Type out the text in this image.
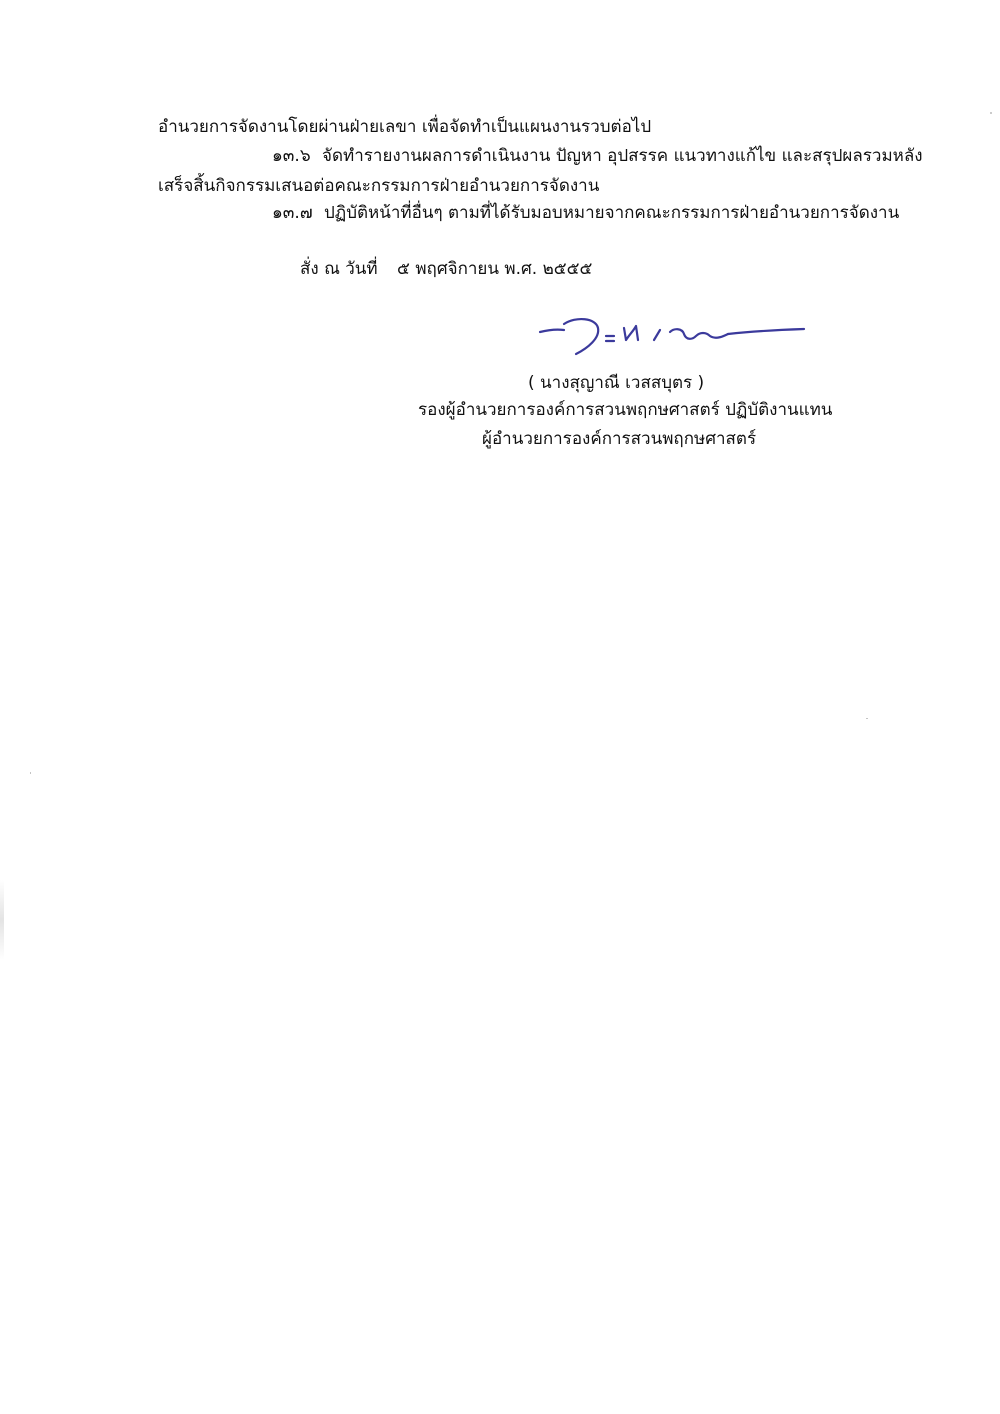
อำนวยการจัดงานโดยผ่านฝ่ายเลขา เพื่อจัดทำเป็นแผนงานรวบต่อไป
๑๓.๖ จัดทำรายงานผลการดำเนินงาน ปัญหา อุปสรรค แนวทางแก้ไข และสรุปผลรวมหลัง
เสร็จสิ้นกิจกรรมเสนอต่อคณะกรรมการฝ่ายอำนวยการจัดงาน
๑๓.๗ ปฏิบัติหน้าที่อื่นๆ ตามที่ได้รับมอบหมายจากคณะกรรมการฝ่ายอำนวยการจัดงาน
สั่ง ณ วันที่ ๕ พฤศจิกายน พ.ศ. ๒๕๕๕
( นางสุญาณี เวสสบุตร )
รองผู้อำนวยการองค์การสวนพฤกษศาสตร์ ปฏิบัติงานแทน
ผู้อำนวยการองค์การสวนพฤกษศาสตร์
